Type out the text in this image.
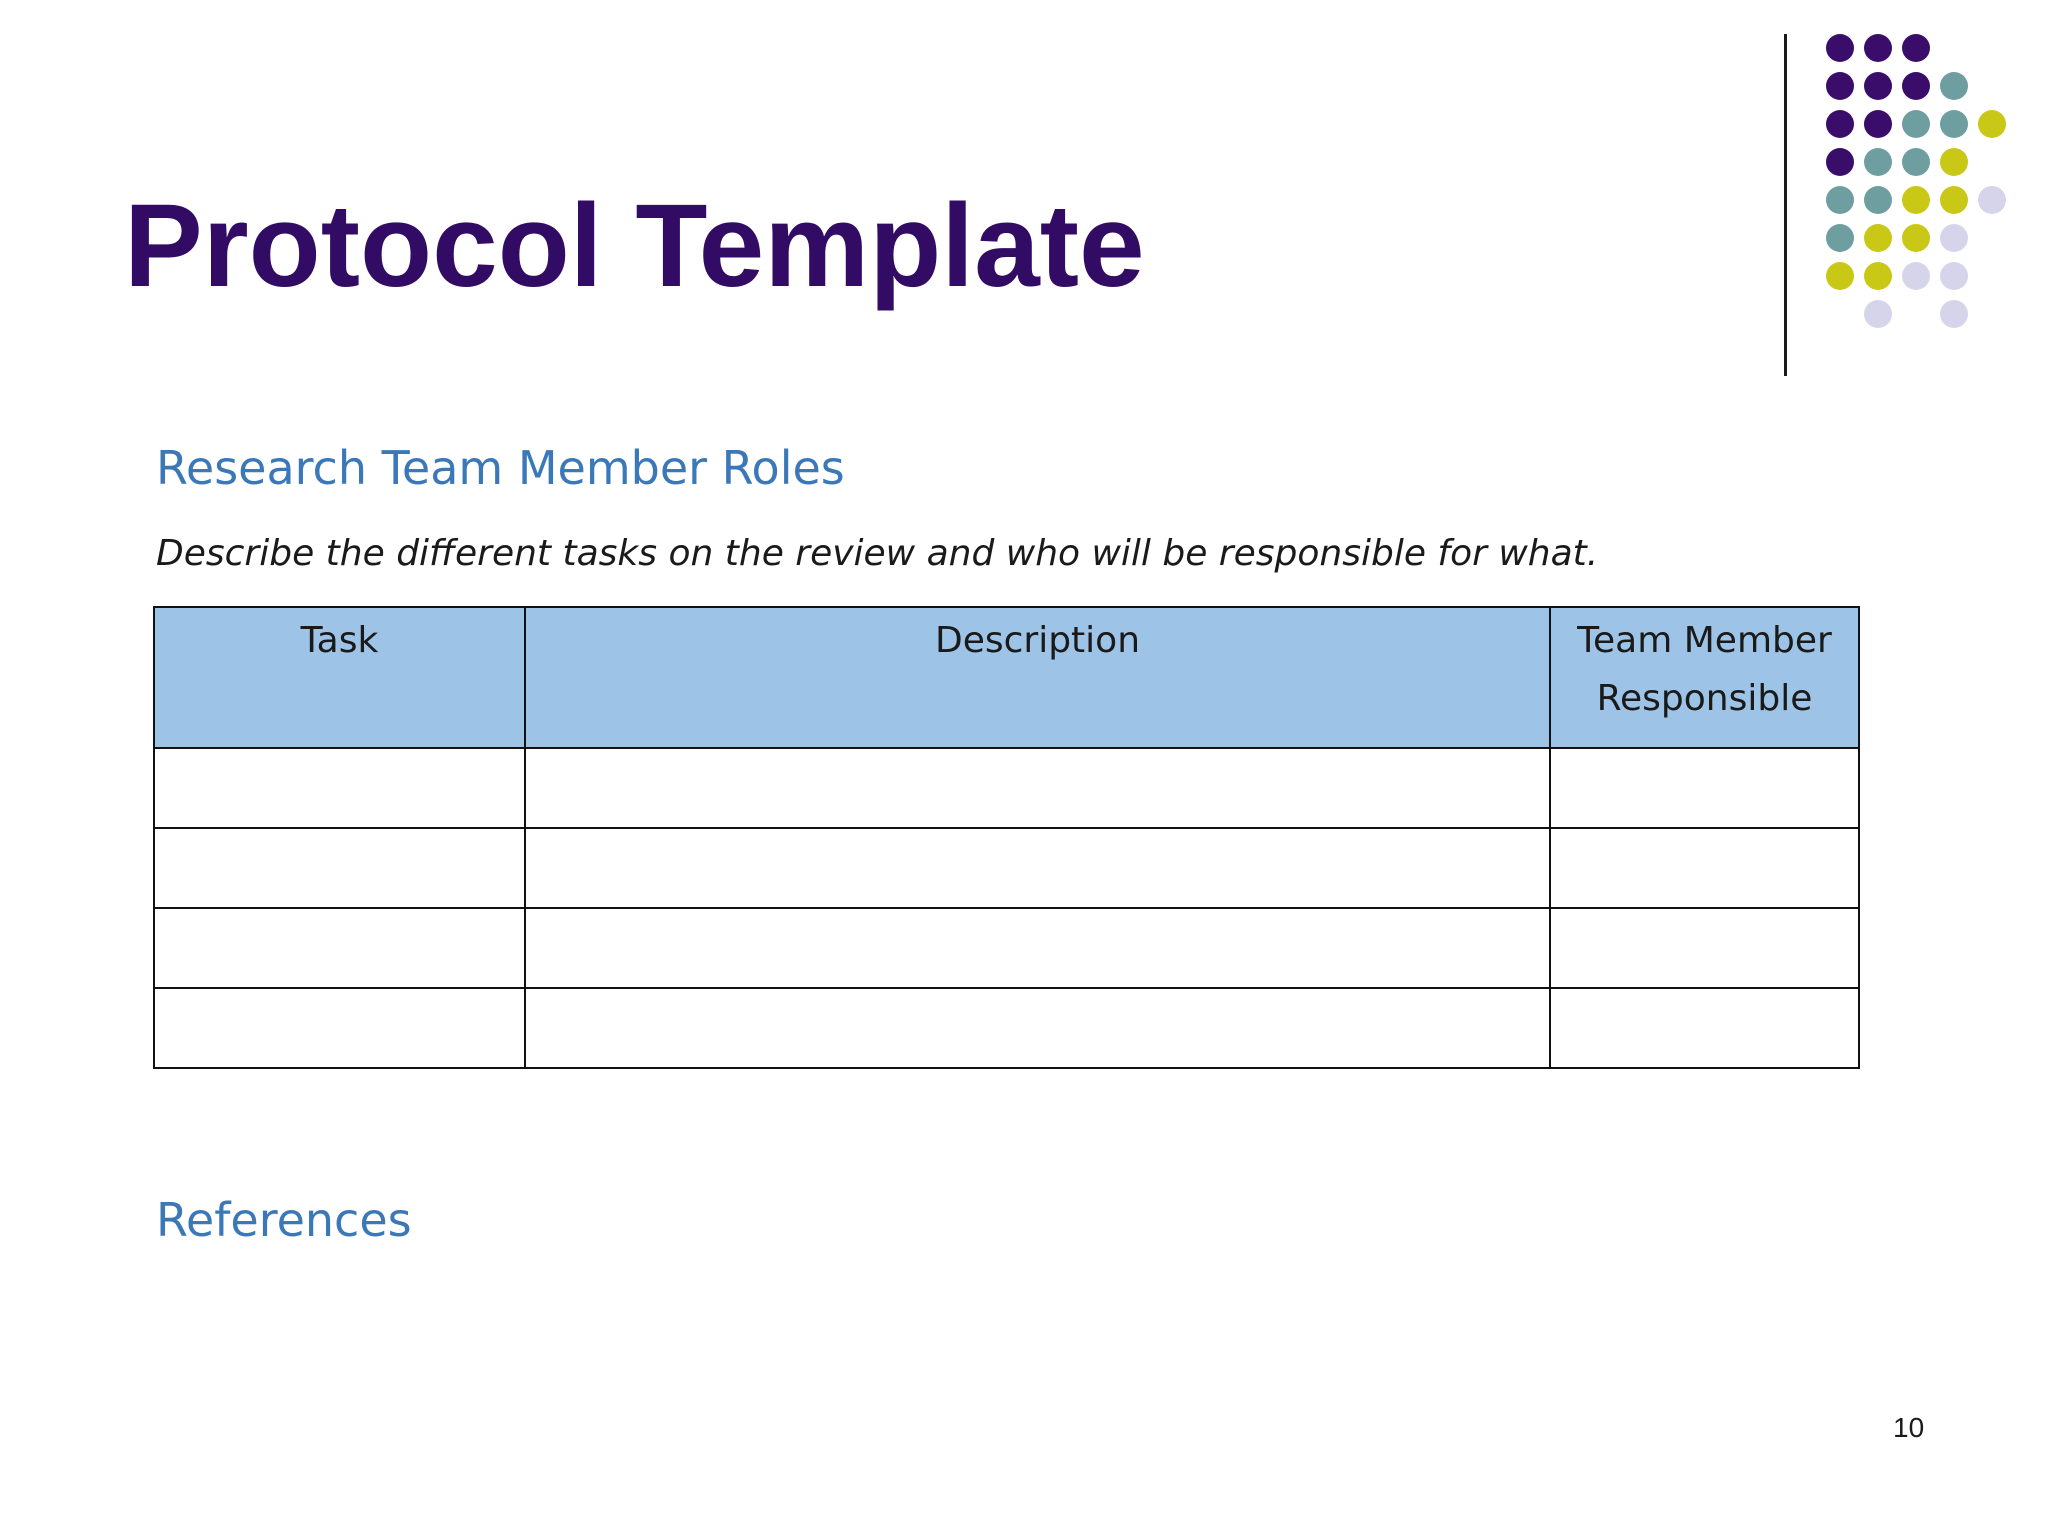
Protocol Template
Research Team Member Roles

Describe the different tasks on the review and who will be responsible for what.

Task	Description	Team Member Responsible

References

10
